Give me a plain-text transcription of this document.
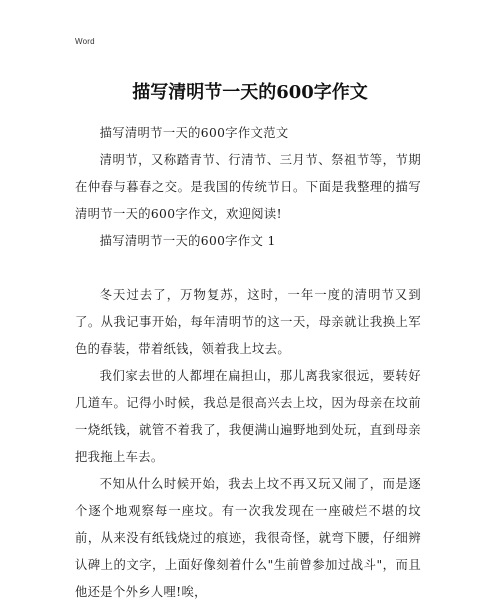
Word
描写清明节一天的600字作文

描写清明节一天的600字作文范文

清明节，又称踏青节、行清节、三月节、祭祖节等，节期在仲春与暮春之交。是我国的传统节日。下面是我整理的描写清明节一天的600字作文，欢迎阅读!

描写清明节一天的600字作文 1

冬天过去了，万物复苏，这时，一年一度的清明节又到了。从我记事开始，每年清明节的这一天，母亲就让我换上军色的春装，带着纸钱，领着我上坟去。

我们家去世的人都埋在扁担山，那儿离我家很远，要转好几道车。记得小时候，我总是很高兴去上坟，因为母亲在坟前一烧纸钱，就管不着我了，我便满山遍野地到处玩，直到母亲把我拖上车去。

不知从什么时候开始，我去上坟不再又玩又闹了，而是逐个逐个地观察每一座坟。有一次我发现在一座破烂不堪的坟前，从来没有纸钱烧过的痕迹，我很奇怪，就弯下腰，仔细辨认碑上的文字，上面好像刻着什么"生前曾参加过战斗"，而且他还是个外乡人哩!唉，
